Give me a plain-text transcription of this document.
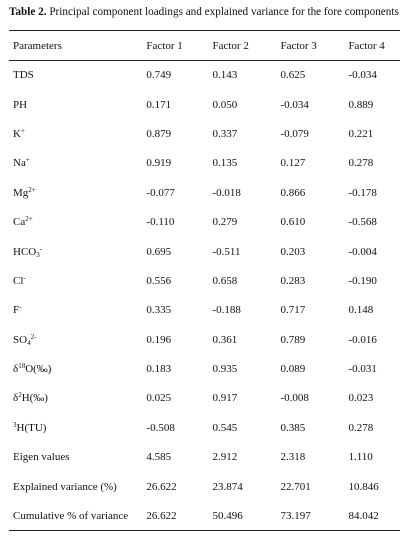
Table 2. Principal component loadings and explained variance for the fore components
Parameters	Factor 1	Factor 2	Factor 3	Factor 4
TDS	0.749	0.143	0.625	-0.034
PH	0.171	0.050	-0.034	0.889
K+	0.879	0.337	-0.079	0.221
Na+	0.919	0.135	0.127	0.278
$Mg^{2+}$	-0.077	-0.018	0.866	-0.178
$Ca^{2+}$	-0.110	0.279	0.610	-0.568
$HCO_3^-$	0.695	-0.511	0.203	-0.004
Cl-	0.556	0.658	0.283	-0.190
F-	0.335	-0.188	0.717	0.148
$SO_4^{2-}$	0.196	0.361	0.789	-0.016
$\delta^{18}O(‰)$	0.183	0.935	0.089	-0.031
$\delta^2H(‰)$	0.025	0.917	-0.008	0.023
$^3$H(TU)	-0.508	0.545	0.385	0.278
Eigen values	4.585	2.912	2.318	1.110
Explained variance (%)	26.622	23.874	22.701	10.846
Cumulative % of variance	26.622	50.496	73.197	84.042
